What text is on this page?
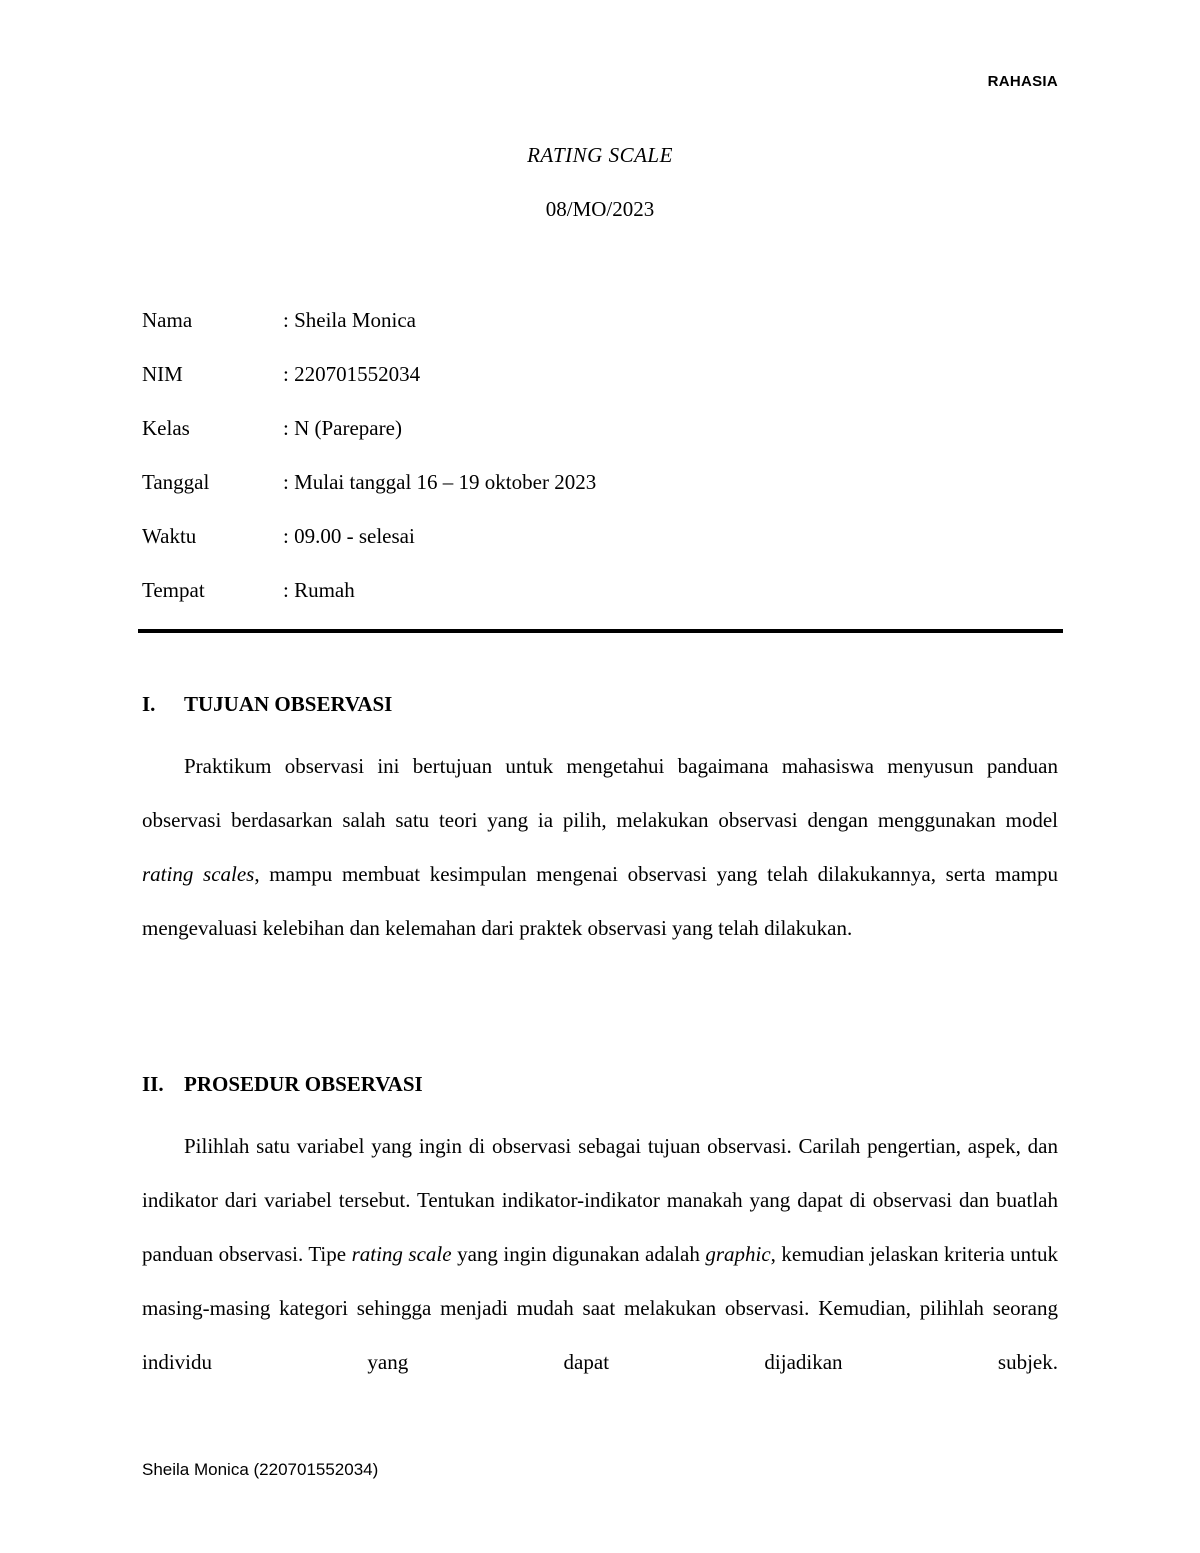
RAHASIA
RATING SCALE
08/MO/2023
Nama	: Sheila Monica
NIM	: 220701552034
Kelas	: N (Parepare)
Tanggal	: Mulai tanggal 16 – 19 oktober 2023
Waktu	: 09.00 - selesai
Tempat	: Rumah
I.	TUJUAN OBSERVASI

Praktikum observasi ini bertujuan untuk mengetahui bagaimana mahasiswa menyusun panduan observasi berdasarkan salah satu teori yang ia pilih, melakukan observasi dengan menggunakan model rating scales, mampu membuat kesimpulan mengenai observasi yang telah dilakukannya, serta mampu mengevaluasi kelebihan dan kelemahan dari praktek observasi yang telah dilakukan.

II. PROSEDUR OBSERVASI

Pilihlah satu variabel yang ingin di observasi sebagai tujuan observasi. Carilah pengertian, aspek, dan indikator dari variabel tersebut. Tentukan indikator-indikator manakah yang dapat di observasi dan buatlah panduan observasi. Tipe rating scale yang ingin digunakan adalah graphic, kemudian jelaskan kriteria untuk masing-masing kategori sehingga menjadi mudah saat melakukan observasi. Kemudian, pilihlah seorang individu yang dapat dijadikan subjek.

Sheila Monica (220701552034)
